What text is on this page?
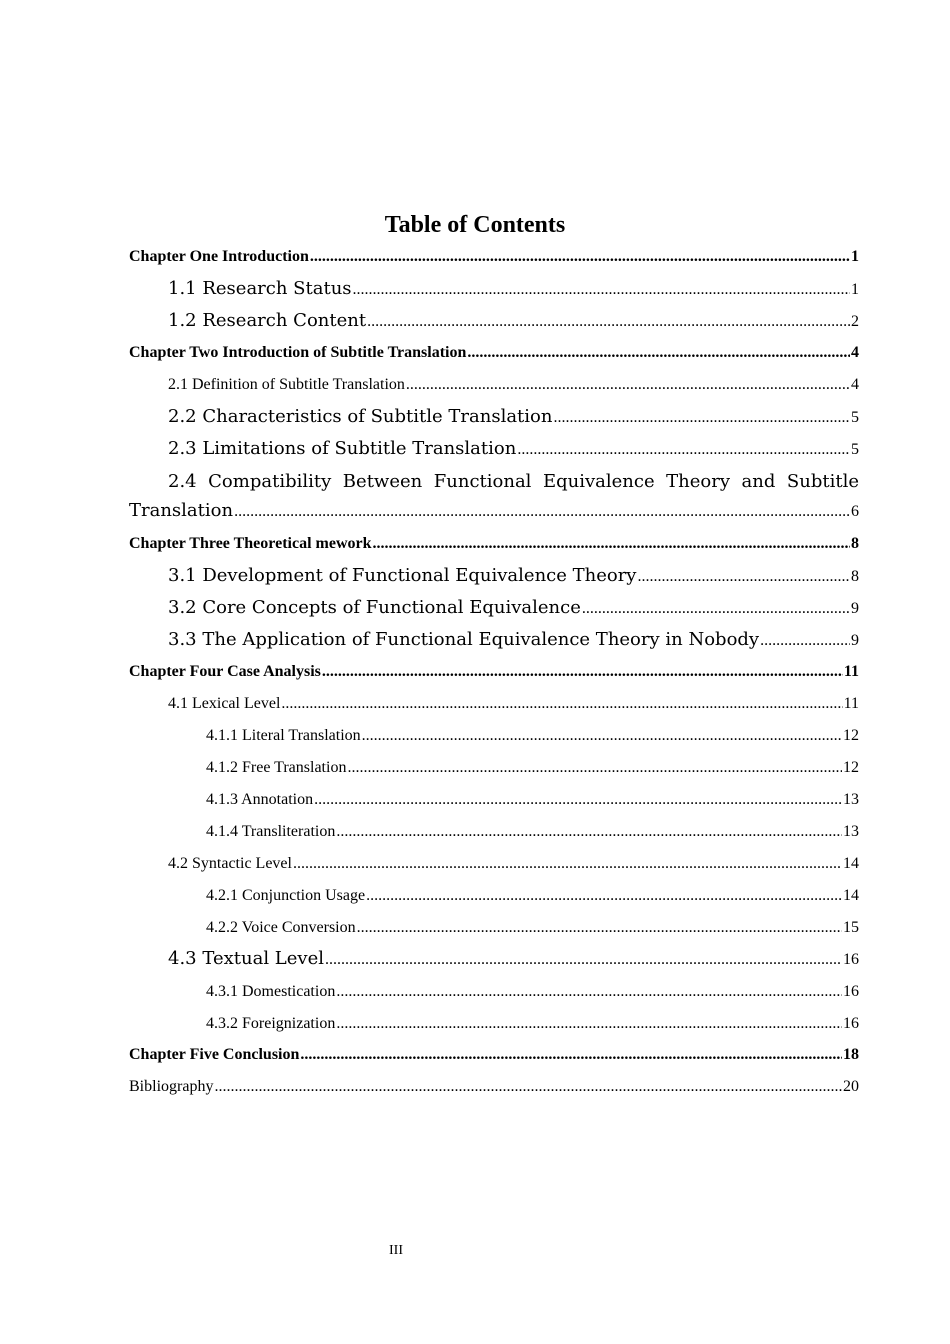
Table of Contents
Chapter One Introduction .....	1
1.1 Research Status .....	1
1.2 Research Content .....	2
Chapter Two Introduction of Subtitle Translation .....	4
2.1 Definition of Subtitle Translation .....	4
2.2 Characteristics of Subtitle Translation .....	5
2.3 Limitations of Subtitle Translation .....	5
2.4 Compatibility Between Functional Equivalence Theory and Subtitle
Translation .....	6
Chapter Three Theoretical mework .....	8
3.1 Development of Functional Equivalence Theory .....	8
3.2 Core Concepts of Functional Equivalence .....	9
3.3 The Application of Functional Equivalence Theory in Nobody .....	9
Chapter Four Case Analysis .....	11
4.1 Lexical Level .....	11
4.1.1 Literal Translation .....	12
4.1.2 Free Translation .....	12
4.1.3 Annotation .....	13
4.1.4 Transliteration .....	13
4.2 Syntactic Level .....	14
4.2.1 Conjunction Usage .....	14
4.2.2 Voice Conversion .....	15
4.3 Textual Level .....	16
4.3.1 Domestication .....	16
4.3.2 Foreignization .....	16
Chapter Five Conclusion .....	18
Bibliography .....	20
III
